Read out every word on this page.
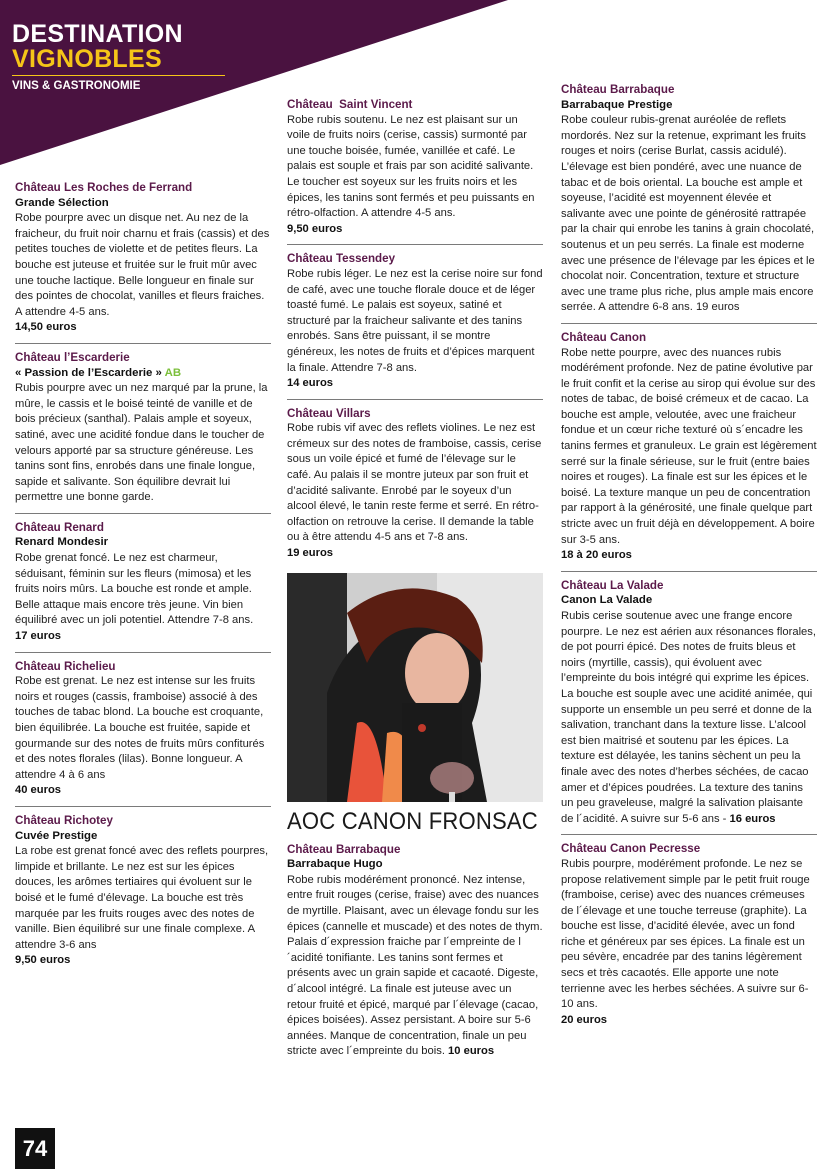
DESTINATION
VIGNOBLES
VINS & GASTRONOMIE
Château Les Roches de Ferrand
Grande Sélection
Robe pourpre avec un disque net. Au nez de la fraicheur, du fruit noir charnu et frais (cassis) et des petites touches de violette et de petites fleurs. La bouche est juteuse et fruitée sur le fruit mûr avec une touche lactique. Belle longueur en finale sur des pointes de chocolat, vanilles et fleurs fraiches. A attendre 4-5 ans.
14,50 euros
Château l’Escarderie
« Passion de l’Escarderie » AB
Rubis pourpre avec un nez marqué par la prune, la mûre, le cassis et le boisé teinté de vanille et de bois précieux (santhal). Palais ample et soyeux, satiné, avec une acidité fondue dans le toucher de velours apporté par sa structure généreuse. Les tanins sont fins, enrobés dans une finale longue, sapide et salivante. Son équilibre devrait lui permettre une bonne garde.
Château Renard
Renard Mondesir
Robe grenat foncé. Le nez est charmeur, séduisant, féminin sur les fleurs (mimosa) et les fruits noirs mûrs. La bouche est ronde et ample. Belle attaque mais encore très jeune. Vin bien équilibré avec un joli potentiel. Attendre 7-8 ans.
17 euros
Château Richelieu
Robe est grenat. Le nez est intense sur les fruits noirs et rouges (cassis, framboise) associé à des touches de tabac blond. La bouche est croquante, bien équilibrée. La bouche est fruitée, sapide et gourmande sur des notes de fruits mûrs confiturés et des notes florales (lilas). Bonne longueur. A attendre 4 à 6 ans
40 euros
Château Richotey
Cuvée Prestige
La robe est grenat foncé avec des reflets pourpres, limpide et brillante. Le nez est sur les épices douces, les arômes tertiaires qui évoluent sur le boisé et le fumé d’élevage. La bouche est très marquée par les fruits rouges avec des notes de vanille. Bien équilibré sur une finale complexe. A attendre 3-6 ans
9,50 euros
Château  Saint Vincent
Robe rubis soutenu. Le nez est plaisant sur un voile de fruits noirs (cerise, cassis) surmonté par une touche boisée, fumée, vanillée et café. Le palais est souple et frais par son acidité salivante. Le toucher est soyeux sur les fruits noirs et les épices, les tanins sont fermés et peu puissants en rétro-olfaction. A attendre 4-5 ans.
9,50 euros
Château Tessendey
Robe rubis léger. Le nez est la cerise noire sur fond de café, avec une touche florale douce et de léger toasté fumé. Le palais est soyeux, satiné et structuré par la fraicheur salivante et des tanins enrobés. Sans être puissant, il se montre généreux, les notes de fruits et d’épices marquent la finale. Attendre 7-8 ans.
14 euros
Château Villars
Robe rubis vif avec des reflets violines. Le nez est crémeux sur des notes de framboise, cassis, cerise sous un voile épicé et fumé de l’élevage sur le café. Au palais il se montre juteux par son fruit et d’acidité salivante. Enrobé par le soyeux d’un alcool élevé, le tanin reste ferme et serré. En rétro-olfaction on retrouve la cerise. Il demande la table ou à être attendu 4-5 ans et 7-8 ans.
19 euros
AOC CANON FRONSAC
Château Barrabaque
Barrabaque Hugo
Robe rubis modérément prononcé. Nez intense, entre fruit rouges (cerise, fraise) avec des nuances de myrtille. Plaisant, avec un élevage fondu sur les épices (cannelle et muscade) et des notes de thym. Palais d´expression fraiche par l´empreinte de l´acidité tonifiante. Les tanins sont fermes et présents avec un grain sapide et cacaoté. Digeste, d´alcool intégré. La finale est juteuse avec un retour fruité et épicé, marqué par l´élevage (cacao, épices boisées). Assez persistant. A boire sur 5-6 années. Manque de concentration, finale un peu stricte avec l´empreinte du bois. 10 euros
Château Barrabaque
Barrabaque Prestige
Robe couleur rubis-grenat auréolée de reflets mordorés. Nez sur la retenue, exprimant les fruits rouges et noirs (cerise Burlat, cassis acidulé). L’élevage est bien pondéré, avec une nuance de tabac et de bois oriental. La bouche est ample et soyeuse, l’acidité est moyennent élevée et salivante avec une pointe de générosité rattrapée par la chair qui enrobe les tanins à grain chocolaté, soutenus et un peu serrés. La finale est moderne avec une présence de l’élevage par les épices et le chocolat noir. Concentration, texture et structure avec une trame plus riche, plus ample mais encore serrée. A attendre 6-8 ans. 19 euros
Château Canon
Robe nette pourpre, avec des nuances rubis modérément profonde. Nez de patine évolutive par le fruit confit et la cerise au sirop qui évolue sur des notes de tabac, de boisé crémeux et de cacao. La bouche est ample, veloutée, avec une fraicheur fondue et un cœur riche texturé où s´encadre les tanins fermes et granuleux. Le grain est légèrement serré sur la finale sérieuse, sur le fruit (entre baies noires et rouges). La finale est sur les épices et le boisé. La texture manque un peu de concentration par rapport à la générosité, une finale quelque part stricte avec un fruit déjà en développement. A boire sur 3-5 ans.
18 à 20 euros
Château La Valade
Canon La Valade
Rubis cerise soutenue avec une frange encore pourpre. Le nez est aérien aux résonances florales, de pot pourri épicé. Des notes de fruits bleus et noirs (myrtille, cassis), qui évoluent avec l’empreinte du bois intégré qui exprime les épices. La bouche est souple avec une acidité animée, qui supporte un ensemble un peu serré et donne de la salivation, tranchant dans la texture lisse. L’alcool est bien maitrisé et soutenu par les épices. La texture est délayée, les tanins sèchent un peu la finale avec des notes d’herbes séchées, de cacao amer et d’épices poudrées. La texture des tanins un peu graveleuse, malgré la salivation plaisante de l´acidité. A suivre sur 5-6 ans - 16 euros
Château Canon Pecresse
Rubis pourpre, modérément profonde. Le nez se propose relativement simple par le petit fruit rouge (framboise, cerise) avec des nuances crémeuses de l´élevage et une touche terreuse (graphite). La bouche est lisse, d’acidité élevée, avec un fond riche et généreux par ses épices. La finale est un peu sévère, encadrée par des tanins légèrement secs et très cacaotés. Elle apporte une note terrienne avec les herbes séchées. A suivre sur 6-10 ans.
20 euros
74
